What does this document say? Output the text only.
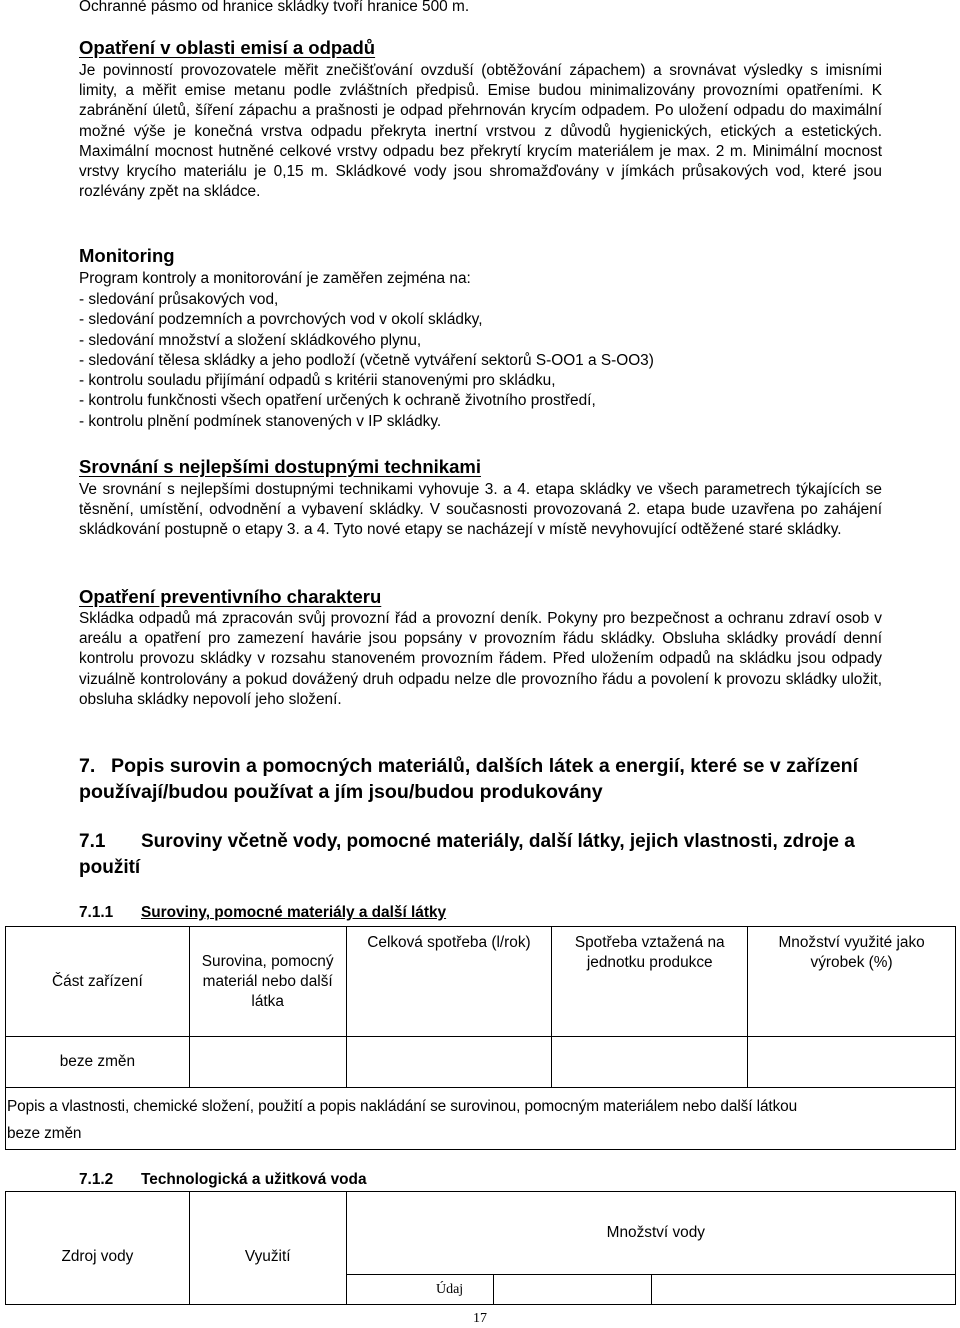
Ochranné pásmo od hranice skládky tvoří hranice 500 m.

Opatření v oblasti emisí a odpadů

Je povinností provozovatele měřit znečišťování ovzduší (obtěžování zápachem) a srovnávat výsledky s imisními limity, a měřit emise metanu podle zvláštních předpisů. Emise budou minimalizovány provozními opatřeními. K zabránění úletů, šíření zápachu a prašnosti je odpad přehrnován krycím odpadem. Po uložení odpadu do maximální možné výše je konečná vrstva odpadu překryta inertní vrstvou z důvodů hygienických, etických a estetických. Maximální mocnost hutněné celkové vrstvy odpadu bez překrytí krycím materiálem je max. 2 m. Minimální mocnost vrstvy krycího materiálu je 0,15 m. Skládkové vody jsou shromažďovány v jímkách průsakových vod, které jsou rozlévány zpět na skládce.

Monitoring

Program kontroly a monitorování je zaměřen zejména na:

- sledování průsakových vod,
- sledování podzemních a povrchových vod v okolí skládky,
- sledování množství a složení skládkového plynu,
- sledování tělesa skládky a jeho podloží (včetně vytváření sektorů S-OO1 a S-OO3)
- kontrolu souladu přijímání odpadů s kritérii stanovenými pro skládku,
- kontrolu funkčnosti všech opatření určených k ochraně životního prostředí,
- kontrolu plnění podmínek stanovených v IP skládky.
Srovnání s nejlepšími dostupnými technikami

Ve srovnání s nejlepšími dostupnými technikami vyhovuje 3. a 4. etapa skládky ve všech parametrech týkajících se těsnění, umístění, odvodnění a vybavení skládky. V současnosti provozovaná 2. etapa bude uzavřena po zahájení skládkování postupně o etapy 3. a 4. Tyto nové etapy se nacházejí v místě nevyhovující odtěžené staré skládky.

Opatření preventivního charakteru

Skládka odpadů má zpracován svůj provozní řád a provozní deník. Pokyny pro bezpečnost a ochranu zdraví osob v areálu a opatření pro zamezení havárie jsou popsány v provozním řádu skládky. Obsluha skládky provádí denní kontrolu provozu skládky v rozsahu stanoveném provozním řádem. Před uložením odpadů na skládku jsou odpady vizuálně kontrolovány a pokud dovážený druh odpadu nelze dle provozního řádu a povolení k provozu skládky uložit, obsluha skládky nepovolí jeho složení.

7. Popis surovin a pomocných materiálů, dalších látek a energií, které se v zařízení používají/budou používat a jím jsou/budou produkovány
7.1 Suroviny včetně vody, pomocné materiály, další látky, jejich vlastnosti, zdroje a použití
7.1.1 Suroviny, pomocné materiály a další látky
Část zařízení	Surovina, pomocný materiál nebo další látka	Celková spotřeba (l/rok)	Spotřeba vztažená na jednotku produkce	Množství využité jako výrobek (%)
beze změn				

Popis a vlastnosti, chemické složení, použití a popis nakládání se surovinou, pomocným materiálem nebo další látkou
beze změn				
7.1.2 Technologická a užitková voda
Zdroj vody	Využití	Množství vody		
		Údaj		
17
